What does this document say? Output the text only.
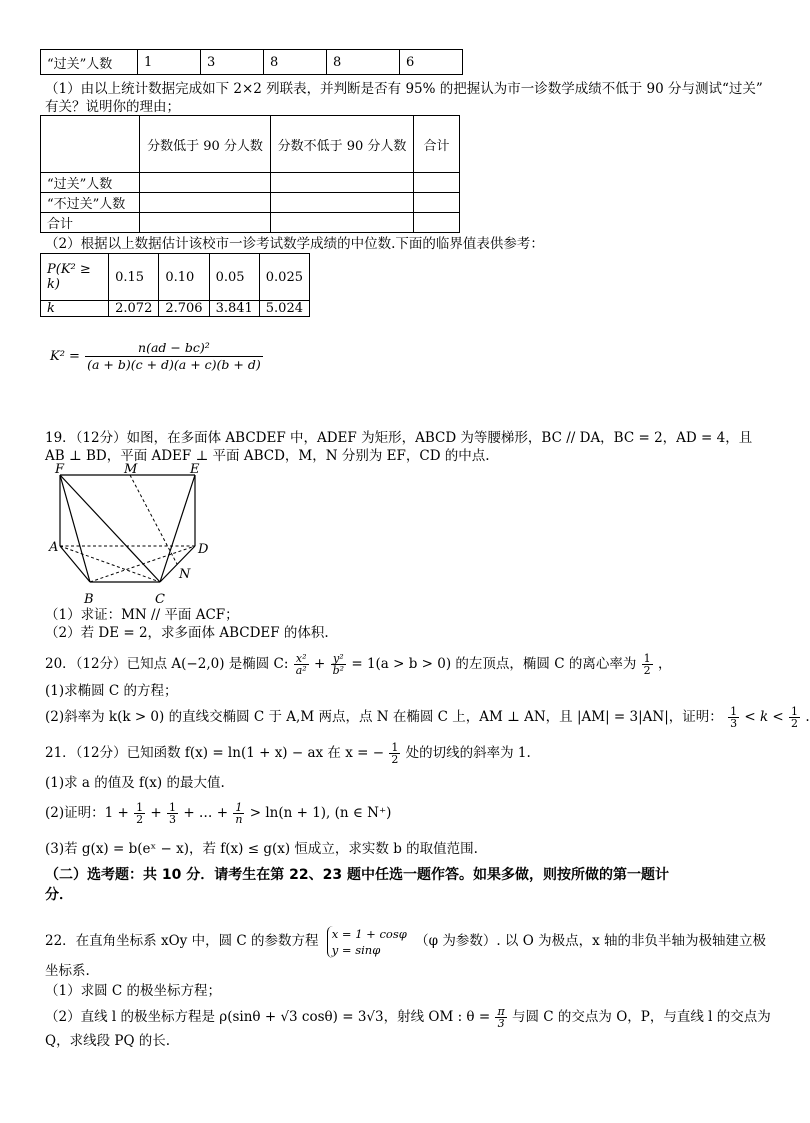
“过关”人数	1	3	8	8	6
（1）由以上统计数据完成如下 2×2 列联表，并判断是否有 95% 的把握认为市一诊数学成绩不低于 90 分与测试“过关”
有关？说明你的理由；
	分数低于 90 分人数	分数不低于 90 分人数	合计
“过关”人数			
“不过关”人数			
合计			
（2）根据以上数据估计该校市一诊考试数学成绩的中位数.下面的临界值表供参考：
P(K² ≥ k)	0.15	0.10	0.05	0.025
k	2.072	2.706	3.841	5.024
$K^2 = \frac{\text{n(ad − bc)²}}{(a + b)(c + d)(a + c)(b + d)}$
19．（12分）如图，在多面体 ABCDEF 中，ADEF 为矩形，ABCD 为等腰梯形，BC // DA，BC = 2，AD = 4，且
AB ⊥ BD，平面 ADEF ⊥ 平面 ABCD，M，N 分别为 EF，CD 的中点.
F	M	E
A	D
N
B	C
（1）求证：MN // 平面 ACF；
（2）若 DE = 2，求多面体 ABCDEF 的体积.
20．（12分）已知点 A(−2,0) 是椭圆 C: $\frac{\text{x²}}{\text{a²}} + \frac{\text{y²}}{\text{b²}} = 1(a > b > 0)$ 的左顶点，椭圆 C 的离心率为 $\frac{1}{2}$ ，
(1)求椭圆 C 的方程；
(2)斜率为 k(k > 0) 的直线交椭圆 C 于 A,M 两点，点 N 在椭圆 C 上，AM ⊥ AN，且 |AM| = 3|AN|，证明： $\frac{1}{3} < k < \frac{1}{2}$ .
21．（12分）已知函数 f(x) = ln(1 + x) − ax 在 x = − $\frac{1}{2}$ 处的切线的斜率为 1.
(1)求 a 的值及 f(x) 的最大值.
(2)证明：$1 + \frac{1}{2} + \frac{1}{3}$ + … + $\frac{1}{n} > \ln(n + 1)$, (n ∈ N⁺)
(3)若 g(x) = b(eˣ − x)，若 f(x) ≤ g(x) 恒成立，求实数 b 的取值范围.
（二）选考题：共 10 分．请考生在第 22、23 题中任选一题作答。如果多做，则按所做的第一题计
分．
22．在直角坐标系 xOy 中，圆 C 的参数方程 x = 1 + cosφ
y = sinφ
（φ 为参数）. 以 O 为极点，x 轴的非负半轴为极轴建立极
坐标系.
（1）求圆 C 的极坐标方程；
（2）直线 l 的极坐标方程是 ρ(sinθ + √3 cosθ) = 3√3，射线 OM : $\theta = \frac{\pi}{3}$ 与圆 C 的交点为 O，P，与直线 l 的交点为
Q，求线段 PQ 的长.
